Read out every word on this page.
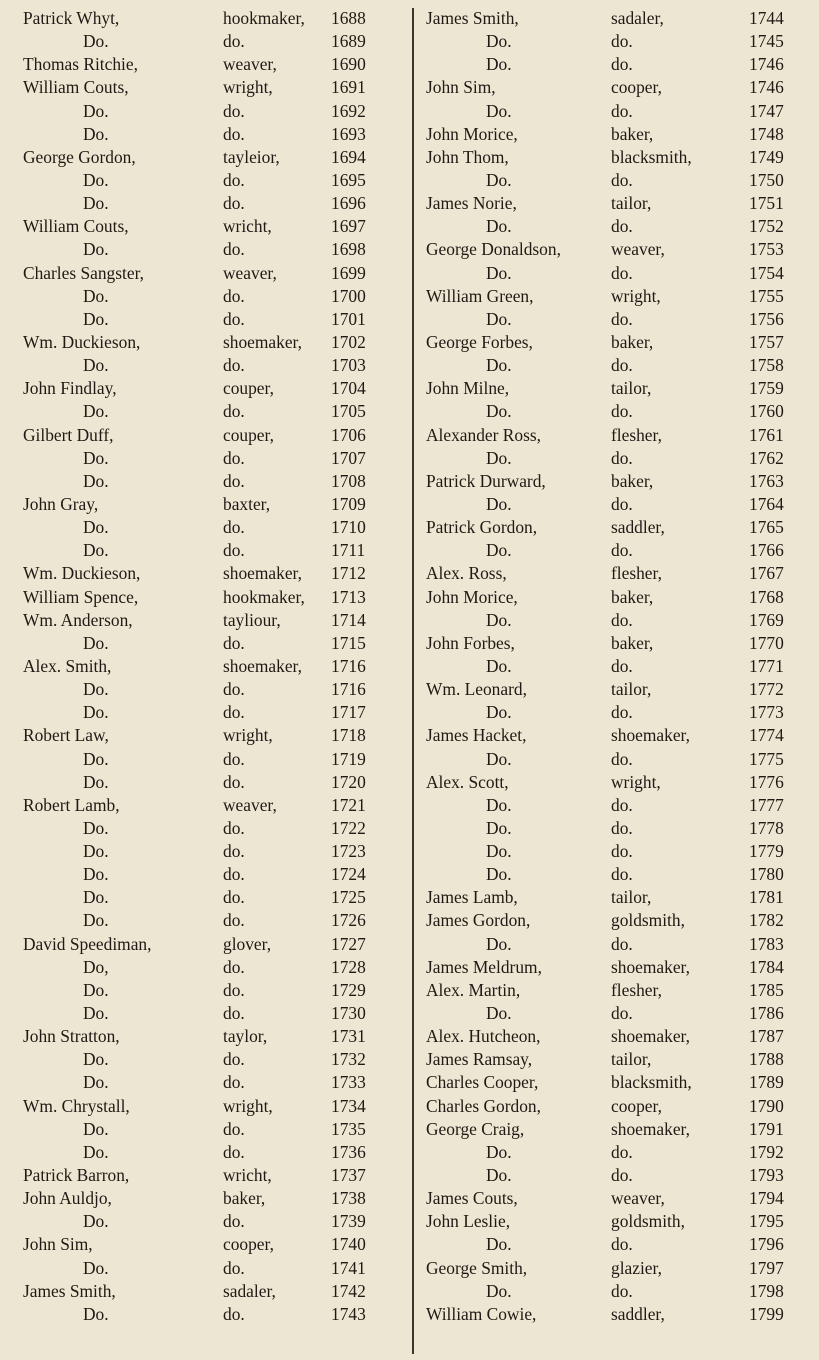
Patrick Whyt,	hookmaker, 1688
Do.	do.	1689
Thomas Ritchie,	weaver,	1690
William Couts,	wright,	1691
Do.	do.	1692
Do.	do.	1693
George Gordon,	tayleior,	1694
Do.	do.	1695
Do.	do.	1696
William Couts,	wricht,	1697
Do.	do.	1698
Charles Sangster,	weaver,	1699
Do.	do.	1700
Do.	do.	1701
Wm. Duckieson,	shoemaker, 1702
Do.	do.	1703
John Findlay,	couper,	1704
Do.	do.	1705
Gilbert Duff,	couper,	1706
Do.	do.	1707
Do.	do.	1708
John Gray,	baxter,	1709
Do.	do.	1710
Do.	do.	1711
Wm. Duckieson,	shoemaker, 1712
William Spence,	hookmaker, 1713
Wm. Anderson,	tayliour,	1714
Do.	do.	1715
Alex. Smith,	shoemaker, 1716
Do.	do.	1716
Do.	do.	1717
Robert Law,	wright,	1718
Do.	do.	1719
Do.	do.	1720
Robert Lamb,	weaver,	1721
Do.	do.	1722
Do.	do.	1723
Do.	do.	1724
Do.	do.	1725
Do.	do.	1726
David Speediman,	glover,	1727
Do,	do.	1728
Do.	do.	1729
Do.	do.	1730
John Stratton,	taylor,	1731
Do.	do.	1732
Do.	do.	1733
Wm. Chrystall,	wright,	1734
Do.	do.	1735
Do.	do.	1736
Patrick Barron,	wricht,	1737
John Auldjo,	baker,	1738
Do.	do.	1739
John Sim,	cooper,	1740
Do.	do.	1741
James Smith,	sadaler,	1742
Do.	do.	1743
James Smith,	sadaler,	1744
Do.	do.	1745
Do.	do.	1746
John Sim,	cooper,	1746
Do.	do.	1747
John Morice,	baker,	1748
John Thom,	blacksmith,	1749
Do.	do.	1750
James Norie,	tailor,	1751
Do.	do.	1752
George Donaldson,	weaver,	1753
Do.	do.	1754
William Green,	wright,	1755
Do.	do.	1756
George Forbes,	baker,	1757
Do.	do.	1758
John Milne,	tailor,	1759
Do.	do.	1760
Alexander Ross,	flesher,	1761
Do.	do.	1762
Patrick Durward,	baker,	1763
Do.	do.	1764
Patrick Gordon,	saddler,	1765
Do.	do.	1766
Alex. Ross,	flesher,	1767
John Morice,	baker,	1768
Do.	do.	1769
John Forbes,	baker,	1770
Do.	do.	1771
Wm. Leonard,	tailor,	1772
Do.	do.	1773
James Hacket,	shoemaker,	1774
Do.	do.	1775
Alex. Scott,	wright,	1776
Do.	do.	1777
Do.	do.	1778
Do.	do.	1779
Do.	do.	1780
James Lamb,	tailor,	1781
James Gordon,	goldsmith,	1782
Do.	do.	1783
James Meldrum,	shoemaker,	1784
Alex. Martin,	flesher,	1785
Do.	do.	1786
Alex. Hutcheon,	shoemaker,	1787
James Ramsay,	tailor,	1788
Charles Cooper,	blacksmith,	1789
Charles Gordon,	cooper,	1790
George Craig,	shoemaker,	1791
Do.	do.	1792
Do.	do.	1793
James Couts,	weaver,	1794
John Leslie,	goldsmith,	1795
Do.	do.	1796
George Smith,	glazier,	1797
Do.	do.	1798
William Cowie,	saddler,	1799
